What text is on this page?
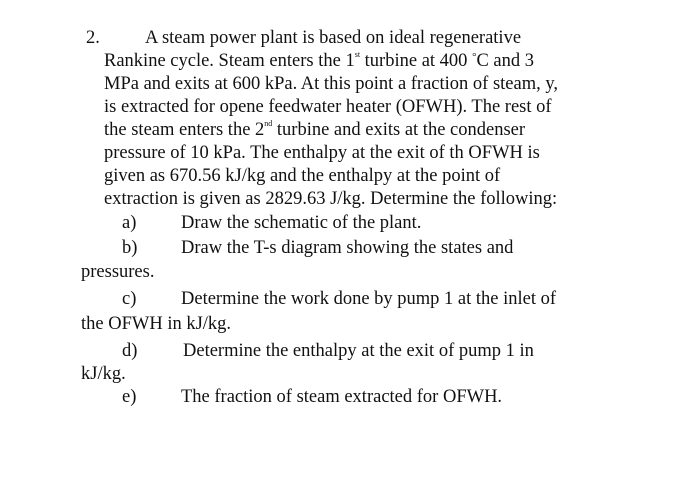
2. A steam power plant is based on ideal regenerative
Rankine cycle. Steam enters the 1st turbine at 400 °C and 3
MPa and exits at 600 kPa. At this point a fraction of steam, y,
is extracted for opene feedwater heater (OFWH). The rest of
the steam enters the 2nd turbine and exits at the condenser
pressure of 10 kPa. The enthalpy at the exit of th OFWH is
given as 670.56 kJ/kg and the enthalpy at the point of
extraction is given as 2829.63 J/kg. Determine the following:
a) Draw the schematic of the plant.
b) Draw the T-s diagram showing the states and
pressures.
c) Determine the work done by pump 1 at the inlet of
the OFWH in kJ/kg.
d) Determine the enthalpy at the exit of pump 1 in
kJ/kg.
e) The fraction of steam extracted for OFWH.
